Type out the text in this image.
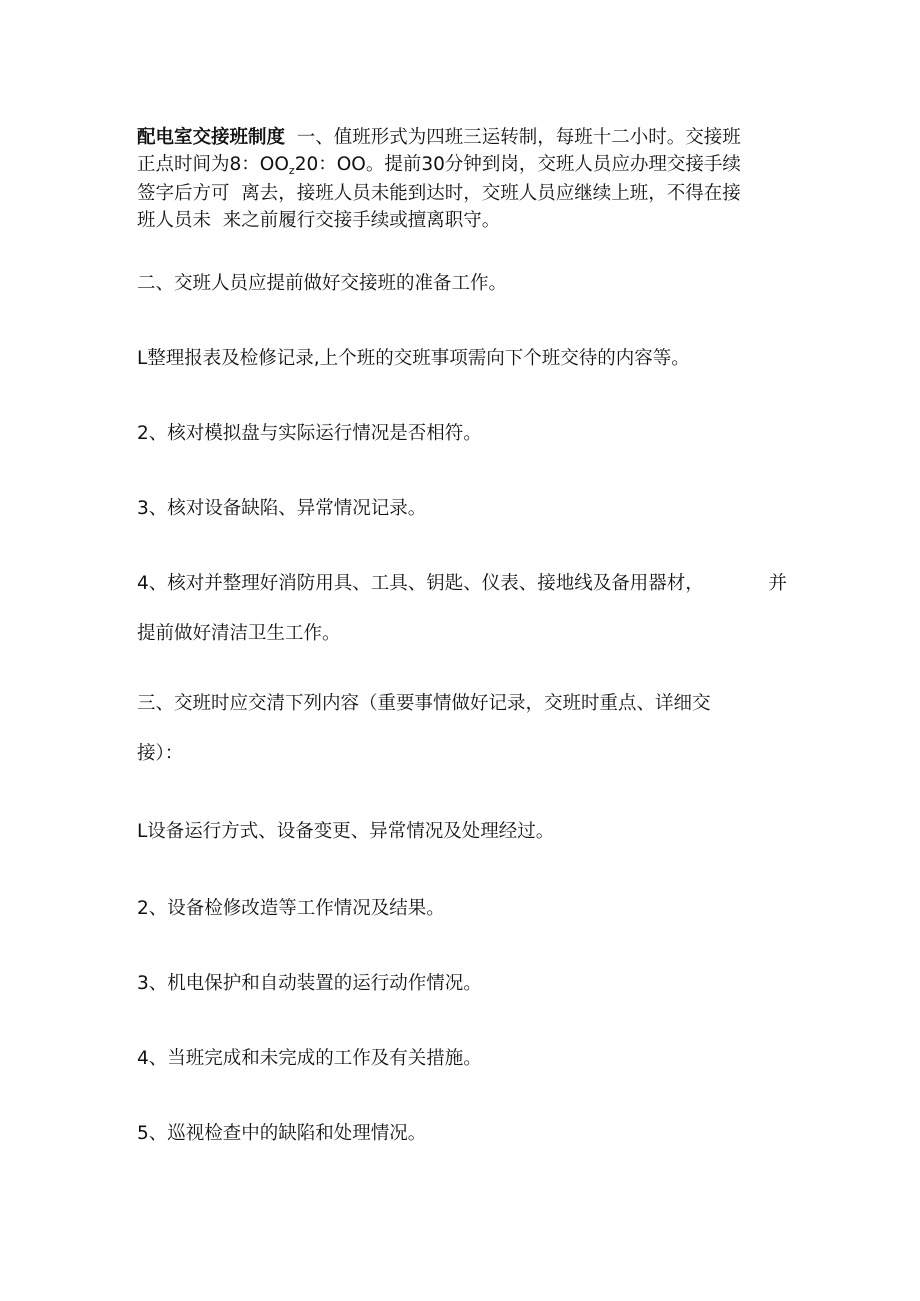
配电室交接班制度 一、值班形式为四班三运转制，每班十二小时。交接班
正点时间为8：$OO_z20$：OO。提前30分钟到岗，交班人员应办理交接手续
签字后方可  离去，接班人员未能到达时，交班人员应继续上班，不得在接
班人员未  来之前履行交接手续或擅离职守。
二、交班人员应提前做好交接班的准备工作。
L整理报表及检修记录,上个班的交班事项需向下个班交待的内容等。
2、核对模拟盘与实际运行情况是否相符。
3、核对设备缺陷、异常情况记录。
4、核对并整理好消防用具、工具、钥匙、仪表、接地线及备用器材，	并
提前做好清洁卫生工作。
三、交班时应交清下列内容（重要事情做好记录，交班时重点、详细交
接）：
L设备运行方式、设备变更、异常情况及处理经过。
2、设备检修改造等工作情况及结果。
3、机电保护和自动装置的运行动作情况。
4、当班完成和未完成的工作及有关措施。
5、巡视检查中的缺陷和处理情况。
